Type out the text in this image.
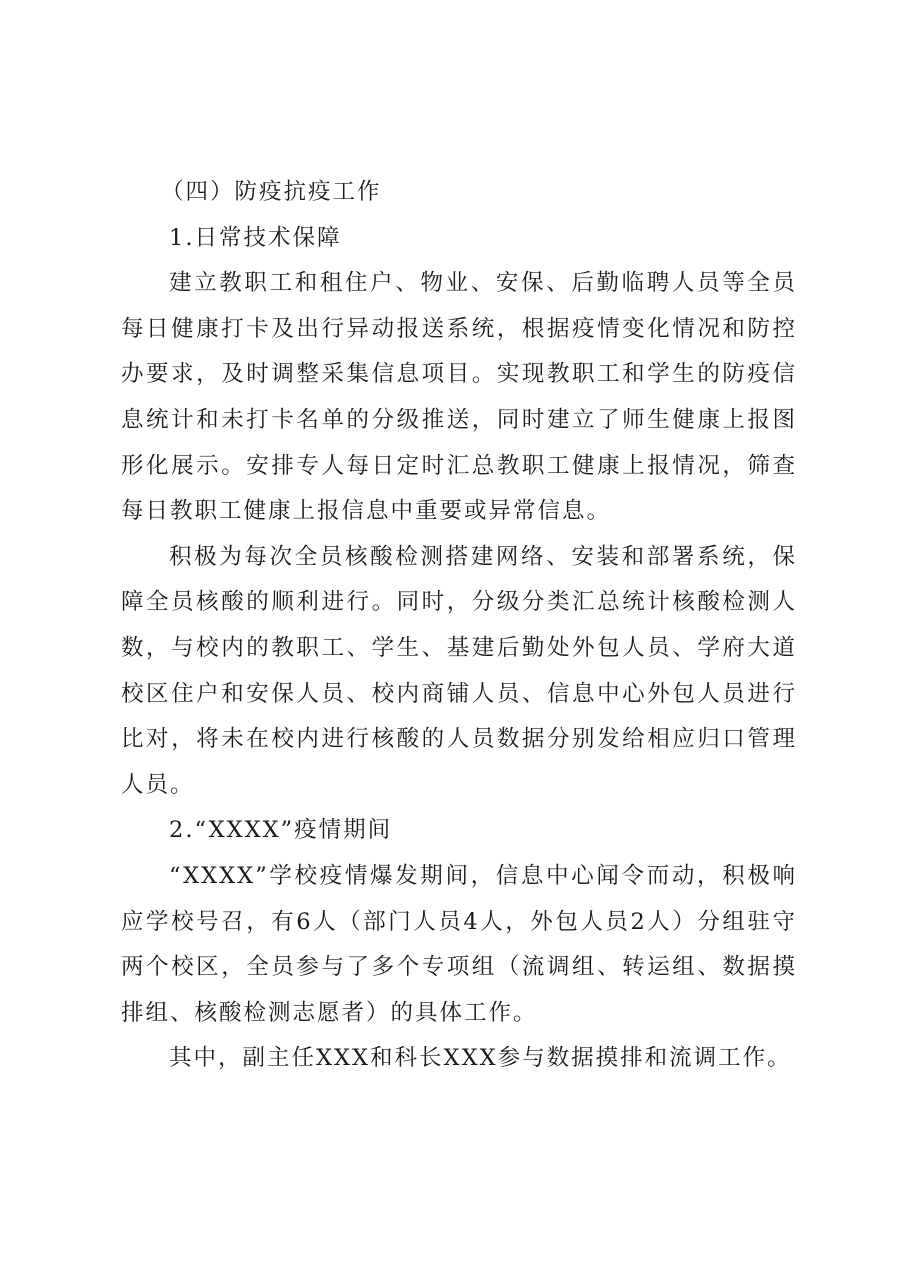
（四）防疫抗疫工作

1.日常技术保障

建立教职工和租住户、物业、安保、后勤临聘人员等全员每日健康打卡及出行异动报送系统，根据疫情变化情况和防控办要求，及时调整采集信息项目。实现教职工和学生的防疫信息统计和未打卡名单的分级推送，同时建立了师生健康上报图形化展示。安排专人每日定时汇总教职工健康上报情况，筛查每日教职工健康上报信息中重要或异常信息。

积极为每次全员核酸检测搭建网络、安装和部署系统，保障全员核酸的顺利进行。同时，分级分类汇总统计核酸检测人数，与校内的教职工、学生、基建后勤处外包人员、学府大道校区住户和安保人员、校内商铺人员、信息中心外包人员进行比对，将未在校内进行核酸的人员数据分别发给相应归口管理人员。

2.“XXXX”疫情期间

“XXXX”学校疫情爆发期间，信息中心闻令而动，积极响应学校号召，有6人（部门人员4人，外包人员2人）分组驻守两个校区，全员参与了多个专项组（流调组、转运组、数据摸排组、核酸检测志愿者）的具体工作。

其中，副主任XXX和科长XXX参与数据摸排和流调工作。
